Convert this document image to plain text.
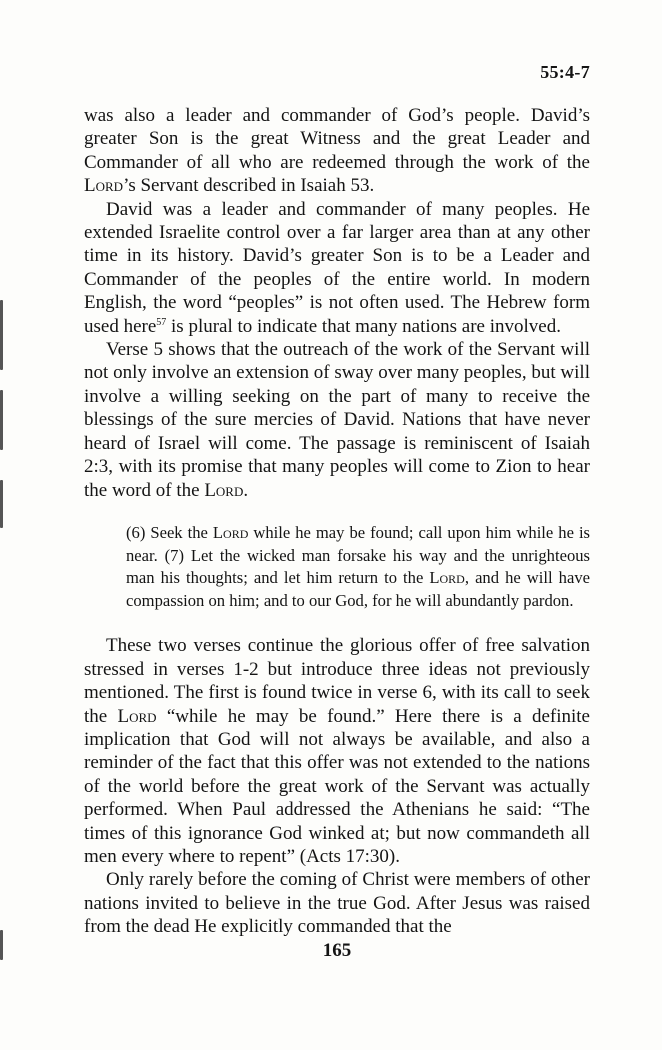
55:4-7

was also a leader and commander of God’s people. David’s greater Son is the great Witness and the great Leader and Commander of all who are redeemed through the work of the Lord’s Servant described in Isaiah 53.

David was a leader and commander of many peoples. He extended Israelite control over a far larger area than at any other time in its history. David’s greater Son is to be a Leader and Commander of the peoples of the entire world. In modern English, the word “peoples” is not often used. The Hebrew form used here$^{57}$ is plural to indicate that many nations are involved.

Verse 5 shows that the outreach of the work of the Servant will not only involve an extension of sway over many peoples, but will involve a willing seeking on the part of many to receive the blessings of the sure mercies of David. Nations that have never heard of Israel will come. The passage is reminiscent of Isaiah 2:3, with its promise that many peoples will come to Zion to hear the word of the Lord.

(6) Seek the Lord while he may be found; call upon him while he is near. (7) Let the wicked man forsake his way and the unrighteous man his thoughts; and let him return to the Lord, and he will have compassion on him; and to our God, for he will abundantly pardon.

These two verses continue the glorious offer of free salvation stressed in verses 1-2 but introduce three ideas not previously mentioned. The first is found twice in verse 6, with its call to seek the Lord “while he may be found.” Here there is a definite implication that God will not always be available, and also a reminder of the fact that this offer was not extended to the nations of the world before the great work of the Servant was actually performed. When Paul addressed the Athenians he said: “The times of this ignorance God winked at; but now commandeth all men every where to repent” (Acts 17:30).

Only rarely before the coming of Christ were members of other nations invited to believe in the true God. After Jesus was raised from the dead He explicitly commanded that the

165
